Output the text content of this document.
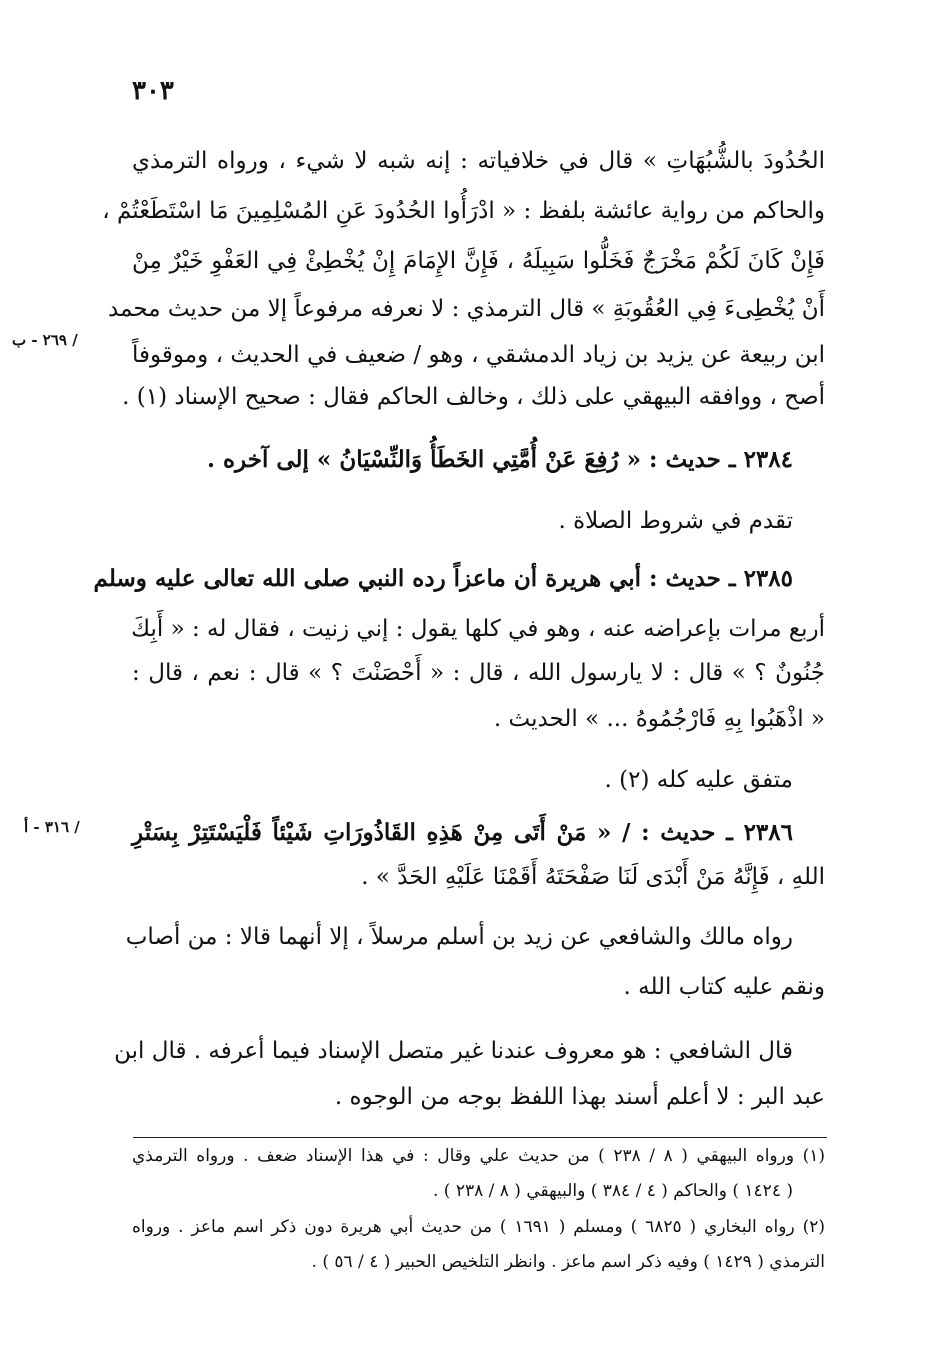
٣٠٣
الحُدُودَ بالشُّبُهَاتِ » قال في خلافياته : إنه شبه لا شيء ، ورواه الترمذي
والحاكم من رواية عائشة بلفظ : « ادْرَأُوا الحُدُودَ عَنِ المُسْلِمِينَ مَا اسْتَطَعْتُمْ ،
فَإِنْ كَانَ لَكُمْ مَخْرَجٌ فَخَلُّوا سَبِيلَهُ ، فَإِنَّ الإِمَامَ إِنْ يُخْطِئْ فِي العَفْوِ خَيْرٌ مِنْ
أَنْ يُخْطِىءَ فِي العُقُوبَةِ » قال الترمذي : لا نعرفه مرفوعاً إلا من حديث محمد
٢٦٩ - ب /
ابن ربيعة عن يزيد بن زياد الدمشقي ، وهو / ضعيف في الحديث ، وموقوفاً
أصح ، ووافقه البيهقي على ذلك ، وخالف الحاكم فقال : صحيح الإسناد (١) .
٢٣٨٤ ـ حديث : « رُفِعَ عَنْ أُمَّتِي الخَطَأُ وَالنِّسْيَانُ » إلى آخره .
تقدم في شروط الصلاة .
٢٣٨٥ ـ حديث : أبي هريرة أن ماعزاً رده النبي صلى الله تعالى عليه وسلم
أربع مرات بإعراضه عنه ، وهو في كلها يقول : إني زنيت ، فقال له : « أَبِكَ
جُنُونٌ ؟ » قال : لا يارسول الله ، قال : « أَحْصَنْتَ ؟ » قال : نعم ، قال :
« اذْهَبُوا بِهِ فَارْجُمُوهُ ... » الحديث .
متفق عليه كله (٢) .
٣١٦ - أ / ٢٣٨٦ ـ حديث : / « مَنْ أَتَى مِنْ هَذِهِ القَاذُورَاتِ شَيْئاً فَلْيَسْتَتِرْ بِسَتْرِ
اللهِ ، فَإِنَّهُ مَنْ أَبْدَى لَنَا صَفْحَتَهُ أَقَمْنَا عَلَيْهِ الحَدَّ » .
رواه مالك والشافعي عن زيد بن أسلم مرسلاً ، إلا أنهما قالا : من أصاب
ونقم عليه كتاب الله .
قال الشافعي : هو معروف عندنا غير متصل الإسناد فيما أعرفه . قال ابن
عبد البر : لا أعلم أسند بهذا اللفظ بوجه من الوجوه .
(١) ورواه البيهقي ( ٨ / ٢٣٨ ) من حديث علي وقال : في هذا الإسناد ضعف . ورواه الترمذي
( ١٤٢٤ ) والحاكم ( ٤ / ٣٨٤ ) والبيهقي ( ٨ / ٢٣٨ ) .
(٢) رواه البخاري ( ٦٨٢٥ ) ومسلم ( ١٦٩١ ) من حديث أبي هريرة دون ذكر اسم ماعز . ورواه
الترمذي ( ١٤٢٩ ) وفيه ذكر اسم ماعز . وانظر التلخيص الحبير ( ٤ / ٥٦ ) .
